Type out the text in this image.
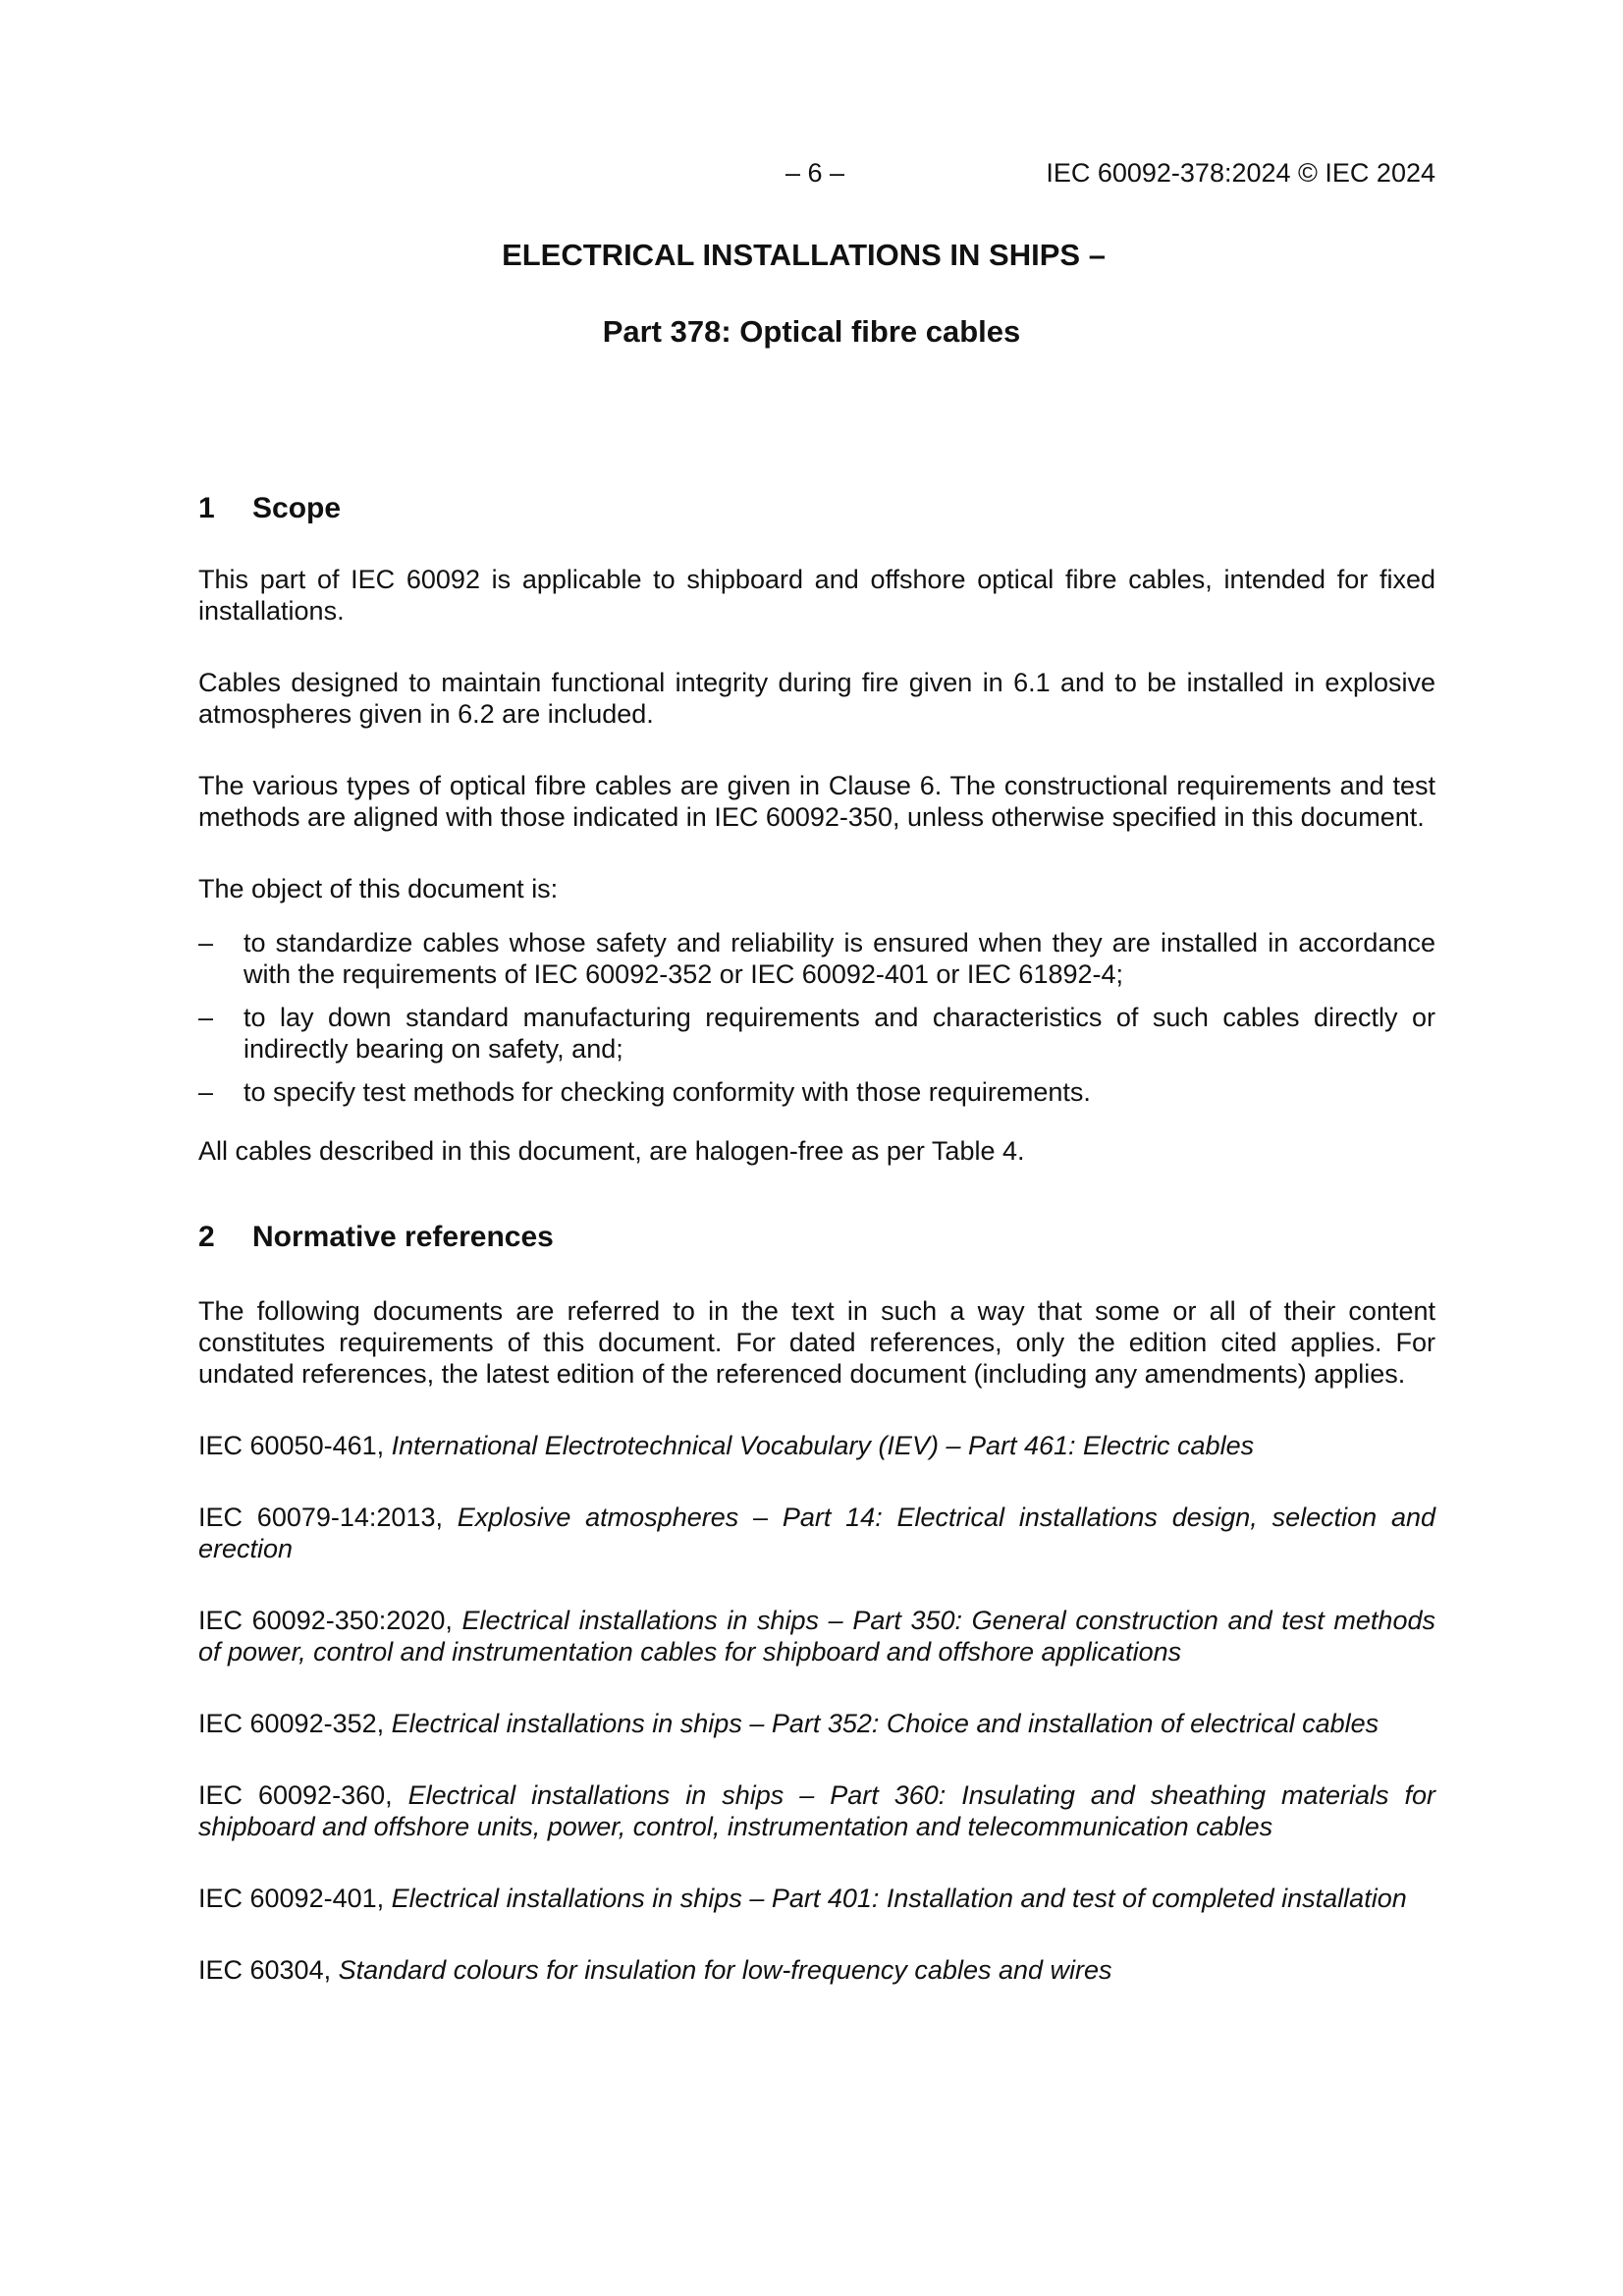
– 6 –	IEC 60092-378:2024 © IEC 2024
ELECTRICAL INSTALLATIONS IN SHIPS –
Part 378: Optical fibre cables
1	Scope

This part of IEC 60092 is applicable to shipboard and offshore optical fibre cables, intended for fixed installations.

Cables designed to maintain functional integrity during fire given in 6.1 and to be installed in explosive atmospheres given in 6.2 are included.

The various types of optical fibre cables are given in Clause 6. The constructional requirements and test methods are aligned with those indicated in IEC 60092-350, unless otherwise specified in this document.

The object of this document is:

–	to standardize cables whose safety and reliability is ensured when they are installed in accordance with the requirements of IEC 60092-352 or IEC 60092-401 or IEC 61892-4;
–	to lay down standard manufacturing requirements and characteristics of such cables directly or indirectly bearing on safety, and;
–	to specify test methods for checking conformity with those requirements.

All cables described in this document, are halogen-free as per Table 4.

2	Normative references

The following documents are referred to in the text in such a way that some or all of their content constitutes requirements of this document. For dated references, only the edition cited applies. For undated references, the latest edition of the referenced document (including any amendments) applies.

IEC 60050-461, International Electrotechnical Vocabulary (IEV) – Part 461: Electric cables

IEC 60079-14:2013, Explosive atmospheres – Part 14: Electrical installations design, selection and erection

IEC 60092-350:2020, Electrical installations in ships – Part 350: General construction and test methods of power, control and instrumentation cables for shipboard and offshore applications

IEC 60092-352, Electrical installations in ships – Part 352: Choice and installation of electrical cables

IEC 60092-360, Electrical installations in ships – Part 360: Insulating and sheathing materials for shipboard and offshore units, power, control, instrumentation and telecommunication cables

IEC 60092-401, Electrical installations in ships – Part 401: Installation and test of completed installation

IEC 60304, Standard colours for insulation for low-frequency cables and wires
